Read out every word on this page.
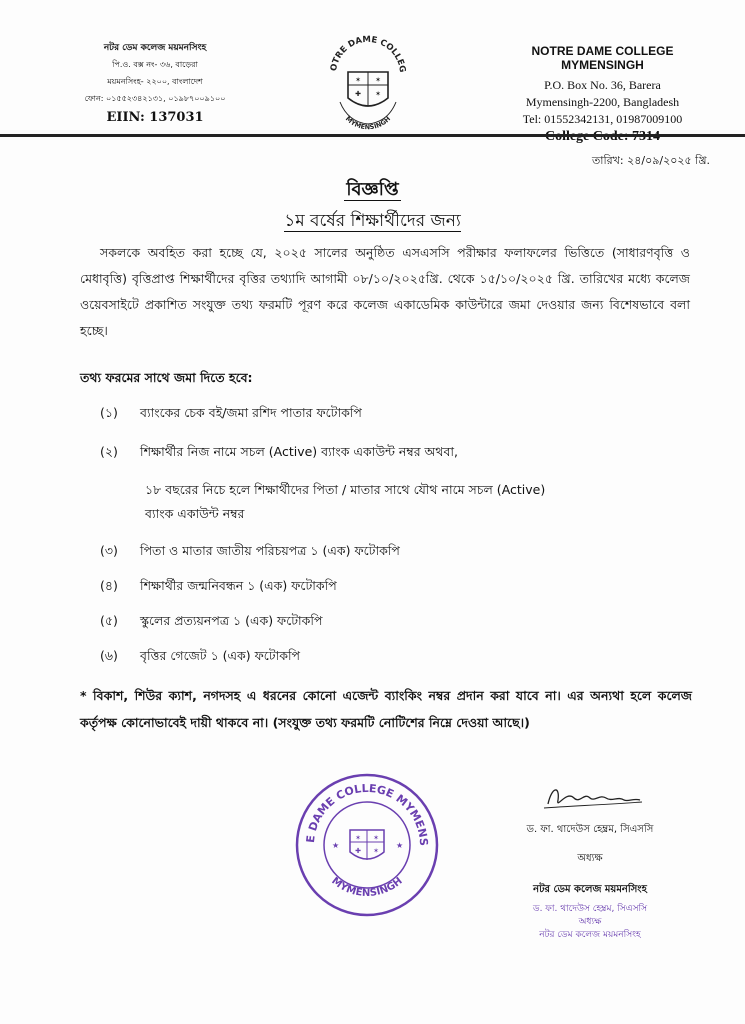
নটর ডেম কলেজ ময়মনসিংহ
পি.ও. বক্স নং- ৩৬, বাড়েরা
ময়মনসিংহ- ২২০০, বাংলাদেশ
ফোন: ০১৫৫২৩৪২১৩১, ০১৯৮৭০০৯১০০
EIIN: 137031
OTRE DAME COLLEG
✶ ✶
✚ ✶
MYMENSINGH
NOTRE DAME COLLEGE MYMENSINGH
P.O. Box No. 36, Barera
Mymensingh-2200, Bangladesh
Tel: 01552342131, 01987009100
তারিখ: ২৪/০৯/২০২৫ খ্রি.
বিজ্ঞপ্তি
১ম বর্ষের শিক্ষার্থীদের জন্য
সকলকে অবহিত করা হচ্ছে যে, ২০২৫ সালের অনুষ্ঠিত এসএসসি পরীক্ষার ফলাফলের ভিত্তিতে (সাধারণবৃত্তি ও মেধাবৃত্তি) বৃত্তিপ্রাপ্ত শিক্ষার্থীদের বৃত্তির তথ্যাদি আগামী ০৮/১০/২০২৫খ্রি. থেকে ১৫/১০/২০২৫ খ্রি. তারিখের মধ্যে কলেজ ওয়েবসাইটে প্রকাশিত সংযুক্ত তথ্য ফরমটি পূরণ করে কলেজ একাডেমিক কাউন্টারে জমা দেওয়ার জন্য বিশেষভাবে বলা হচ্ছে।
তথ্য ফরমের সাথে জমা দিতে হবে:
(১) ব্যাংকের চেক বই/জমা রশিদ পাতার ফটোকপি
(২) শিক্ষার্থীর নিজ নামে সচল (Active) ব্যাংক একাউন্ট নম্বর অথবা,
১৮ বছরের নিচে হলে শিক্ষার্থীদের পিতা / মাতার সাথে যৌথ নামে সচল (Active)
ব্যাংক একাউন্ট নম্বর
(৩) পিতা ও মাতার জাতীয় পরিচয়পত্র ১ (এক) ফটোকপি
(৪) শিক্ষার্থীর জন্মনিবন্ধন ১ (এক) ফটোকপি
(৫) স্কুলের প্রত্যয়নপত্র ১ (এক) ফটোকপি
(৬) বৃত্তির গেজেট ১ (এক) ফটোকপি
* বিকাশ, শিউর ক্যাশ, নগদসহ এ ধরনের কোনো এজেন্ট ব্যাংকিং নম্বর প্রদান করা যাবে না। এর অন্যথা হলে কলেজ কর্তৃপক্ষ কোনোভাবেই দায়ী থাকবে না। (সংযুক্ত তথ্য ফরমটি নোটিশের নিম্নে দেওয়া আছে।)
E DAME COLLEGE MYMENS
MYMENSINGH
✶ ✶
✚ ✶
★	★
ড. ফা. থাদেউস হেম্ব্রম, সিএসসি
অধ্যক্ষ
নটর ডেম কলেজ ময়মনসিংহ
ড. ফা. থাদেউস হেম্ব্রম, সিএসসি
অধ্যক্ষ
নটর ডেম কলেজ ময়মনসিংহ
